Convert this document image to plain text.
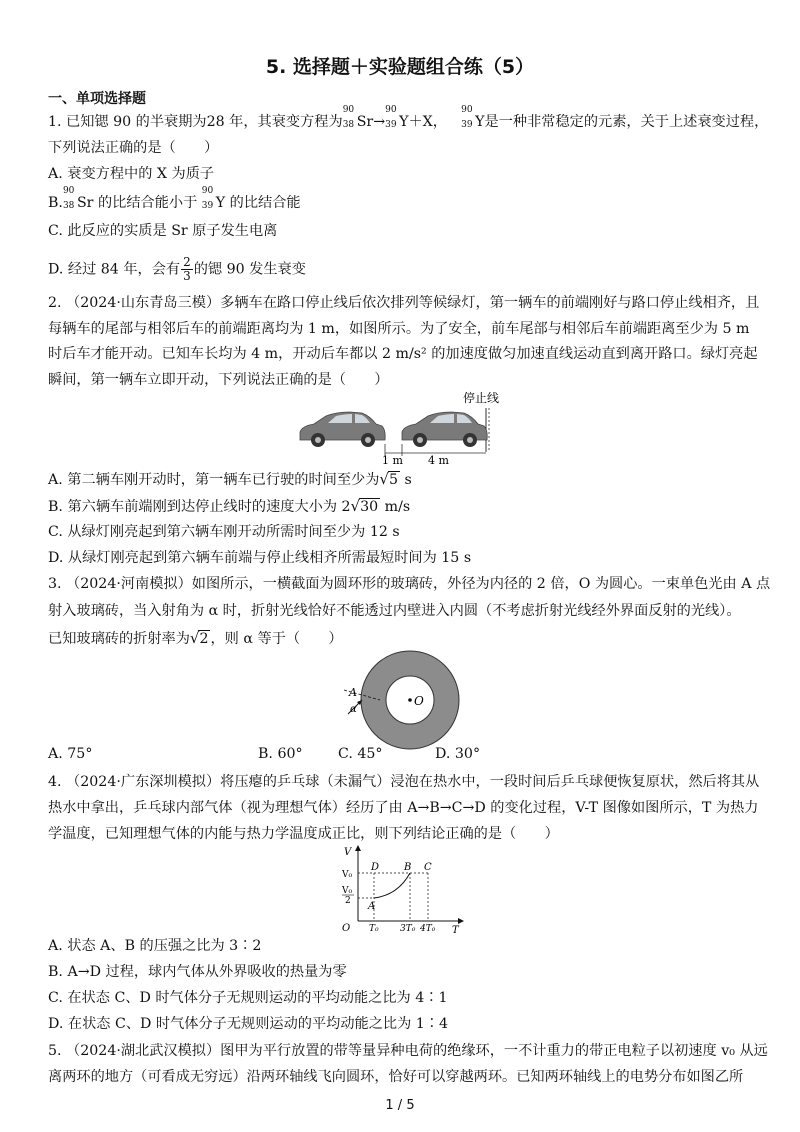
5. 选择题＋实验题组合练（5）
一、单项选择题
1. 已知锶 90 的半衰期为28 年，其衰变方程为
90
38 Sr→
90
39 Y＋X， 
90
39 Y是一种非常稳定的元素，关于上述衰变过程，
下列说法正确的是（　　）
A. 衰变方程中的 X 为质子
B.
90
38 Sr 的比结合能小于
90
39 Y 的比结合能
C. 此反应的实质是 Sr 原子发生电离
D. 经过 84 年，会有 $\frac{2}{3}$ 的锶 90 发生衰变
2. （2024·山东青岛三模）多辆车在路口停止线后依次排列等候绿灯，第一辆车的前端刚好与路口停止线相齐，且
每辆车的尾部与相邻后车的前端距离均为 1 m，如图所示。为了安全，前车尾部与相邻后车前端距离至少为 5 m
时后车才能开动。已知车长均为 4 m，开动后车都以 2 m/s² 的加速度做匀加速直线运动直到离开路口。绿灯亮起
瞬间，第一辆车立即开动，下列说法正确的是（　　）
停止线
1 m 4 m
A. 第二辆车刚开动时，第一辆车已行驶的时间至少为√5 s
B. 第六辆车前端刚到达停止线时的速度大小为 2√30 m/s
C. 从绿灯刚亮起到第六辆车刚开动所需时间至少为 12 s
D. 从绿灯刚亮起到第六辆车前端与停止线相齐所需最短时间为 15 s
3. （2024·河南模拟）如图所示，一横截面为圆环形的玻璃砖，外径为内径的 2 倍，O 为圆心。一束单色光由 A 点
射入玻璃砖，当入射角为 α 时，折射光线恰好不能透过内壁进入内圆（不考虑折射光线经外界面反射的光线）。
已知玻璃砖的折射率为√2 ，则 α 等于（　　）
O
A
α
A. 75°	B. 60° C. 45°	D. 30°
4. （2024·广东深圳模拟）将压瘪的乒乓球（未漏气）浸泡在热水中，一段时间后乒乓球便恢复原状，然后将其从
热水中拿出，乒乓球内部气体（视为理想气体）经历了由 A→B→C→D 的变化过程，V-T 图像如图所示，T 为热力
学温度，已知理想气体的内能与热力学温度成正比，则下列结论正确的是（　　）
V
V₀
V₀
2
O T₀ 3T₀ 4T₀ T
A
B C
D
A. 状态 A、B 的压强之比为 3∶2
B. A→D 过程，球内气体从外界吸收的热量为零
C. 在状态 C、D 时气体分子无规则运动的平均动能之比为 4∶1
D. 在状态 C、D 时气体分子无规则运动的平均动能之比为 1∶4
5. （2024·湖北武汉模拟）图甲为平行放置的带等量异种电荷的绝缘环，一不计重力的带正电粒子以初速度 v₀ 从远
离两环的地方（可看成无穷远）沿两环轴线飞向圆环，恰好可以穿越两环。已知两环轴线上的电势分布如图乙所
1 / 5
